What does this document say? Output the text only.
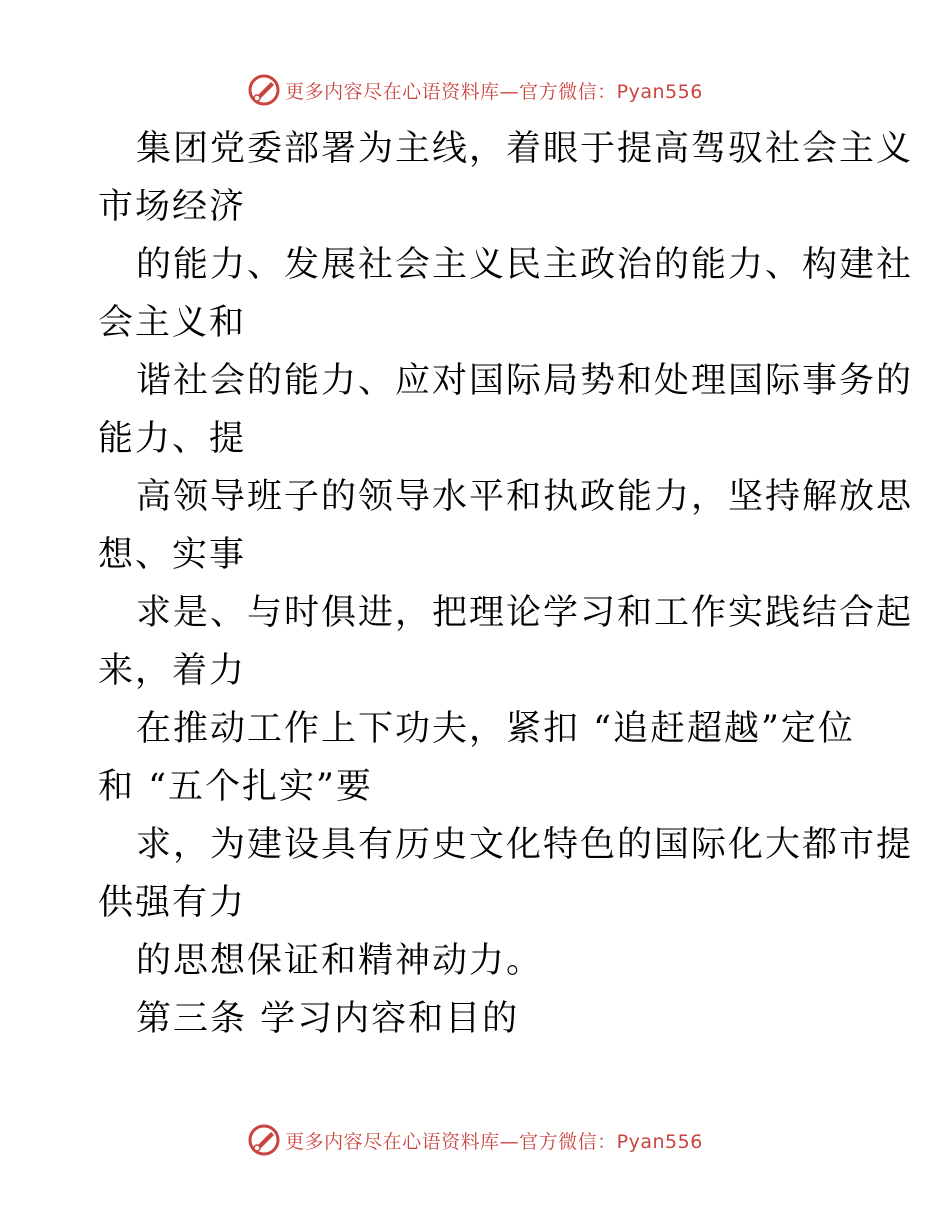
更多内容尽在心语资料库—官方微信：Pyan556
集团党委部署为主线，着眼于提高驾驭社会主义
市场经济
的能力、发展社会主义民主政治的能力、构建社
会主义和
谐社会的能力、应对国际局势和处理国际事务的
能力、提
高领导班子的领导水平和执政能力，坚持解放思
想、实事
求是、与时俱进，把理论学习和工作实践结合起
来，着力
在推动工作上下功夫，紧扣 “追赶超越”定位
和 “五个扎实”要
求，为建设具有历史文化特色的国际化大都市提
供强有力
的思想保证和精神动力。
第三条 学习内容和目的
更多内容尽在心语资料库—官方微信：Pyan556
